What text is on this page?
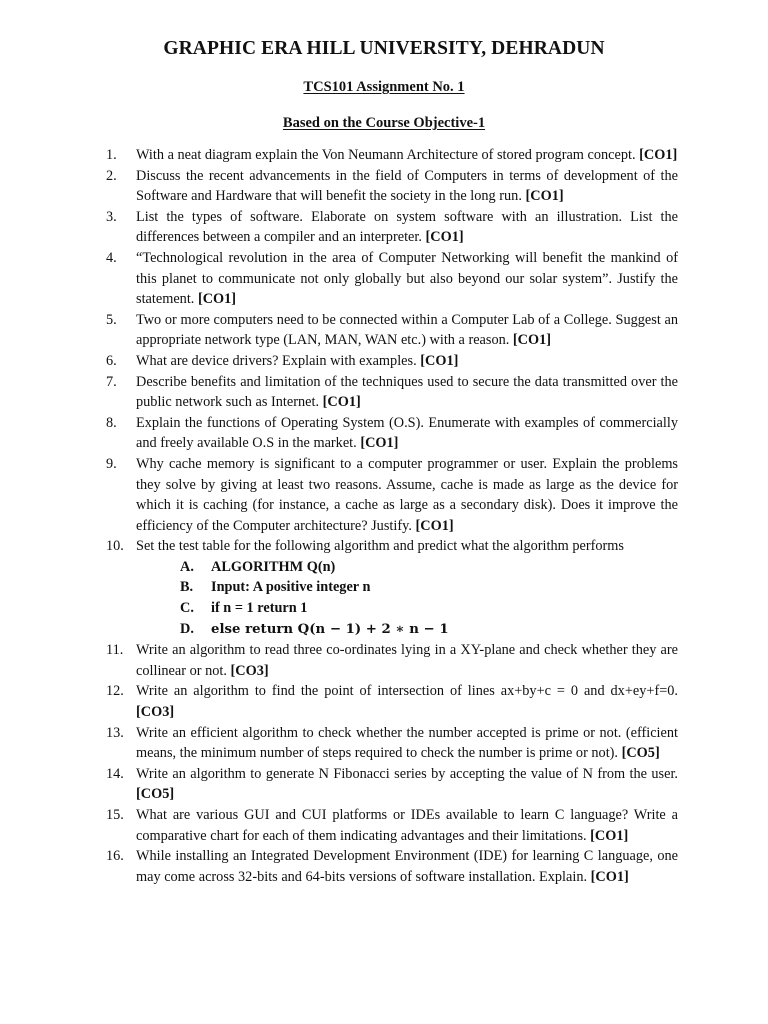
GRAPHIC ERA HILL UNIVERSITY, DEHRADUN
TCS101 Assignment No. 1
Based on the Course Objective-1
1.	With a neat diagram explain the Von Neumann Architecture of stored program concept. [CO1]
2.	Discuss the recent advancements in the field of Computers in terms of development of the Software and Hardware that will benefit the society in the long run. [CO1]
3.	List the types of software. Elaborate on system software with an illustration. List the differences between a compiler and an interpreter. [CO1]
4.	“Technological revolution in the area of Computer Networking will benefit the mankind of this planet to communicate not only globally but also beyond our solar system”. Justify the statement. [CO1]
5.	Two or more computers need to be connected within a Computer Lab of a College. Suggest an appropriate network type (LAN, MAN, WAN etc.) with a reason. [CO1]
6.	What are device drivers? Explain with examples. [CO1]
7.	Describe benefits and limitation of the techniques used to secure the data transmitted over the public network such as Internet. [CO1]
8.	Explain the functions of Operating System (O.S). Enumerate with examples of commercially and freely available O.S in the market. [CO1]
9.	Why cache memory is significant to a computer programmer or user. Explain the problems they solve by giving at least two reasons. Assume, cache is made as large as the device for which it is caching (for instance, a cache as large as a secondary disk). Does it improve the efficiency of the Computer architecture? Justify. [CO1]
10. Set the test table for the following algorithm and predict what the algorithm performs
A. ALGORITHM Q(n)
B. Input: A positive integer n
C. if n = 1 return 1
D. else return Q(n − 1) + 2 ∗ n − 1
11. Write an algorithm to read three co-ordinates lying in a XY-plane and check whether they are collinear or not. [CO3]
12. Write an algorithm to find the point of intersection of lines ax+by+c = 0 and dx+ey+f=0. [CO3]
13. Write an efficient algorithm to check whether the number accepted is prime or not. (efficient means, the minimum number of steps required to check the number is prime or not). [CO5]
14. Write an algorithm to generate N Fibonacci series by accepting the value of N from the user. [CO5]
15. What are various GUI and CUI platforms or IDEs available to learn C language? Write a comparative chart for each of them indicating advantages and their limitations. [CO1]
16. While installing an Integrated Development Environment (IDE) for learning C language, one may come across 32-bits and 64-bits versions of software installation. Explain. [CO1]
